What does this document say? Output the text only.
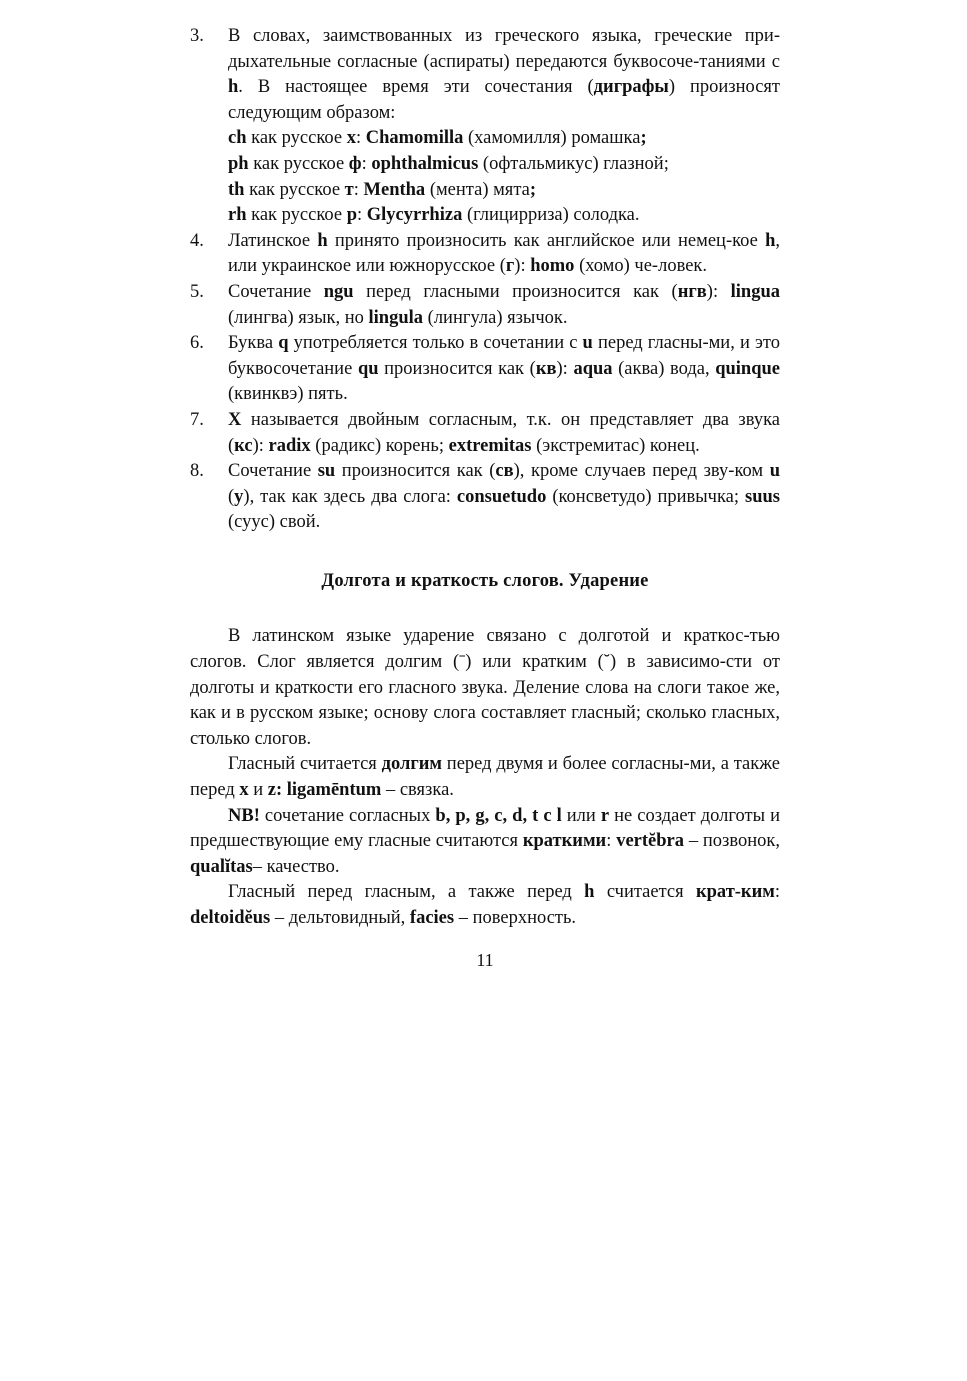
3. В словах, заимствованных из греческого языка, греческие при-дыхательные согласные (аспираты) передаются буквосоче-таниями с h. В настоящее время эти сочестания (диграфы) произносят следующим образом:

ch как русское x: Chamomilla (хамомилля) ромашка;

ph как русское ф: ophthalmicus (офтальмикус) глазной;

th как русское т: Mentha (мента) мята;

rh как русское р: Glycyrrhiza (глицирриза) солодка.

4. Латинское h принято произносить как английское или немец-кое h, или украинское или южнорусское (г): homo (хомо) че-ловек.

5. Сочетание ngu перед гласными произносится как (нгв): lingua (лингва) язык, но lingula (лингула) язычок.

6. Буква q употребляется только в сочетании с u перед гласны-ми, и это буквосочетание qu произносится как (кв): aqua (аква) вода, quinque (квинквэ) пять.

7. X называется двойным согласным, т.к. он представляет два звука (кс): radix (радикс) корень; extremitas (экстремитас) конец.

8. Сочетание su произносится как (св), кроме случаев перед зву-ком u (у), так как здесь два слога: consuetudo (консветудо) привычка; suus (суус) свой.

Долгота и краткость слогов. Ударение

В латинском языке ударение связано с долготой и краткос-тью слогов. Слог является долгим (ˉ) или кратким (˘) в зависимо-сти от долготы и краткости его гласного звука. Деление слова на слоги такое же, как и в русском языке; основу слога составляет гласный; сколько гласных, столько слогов.

Гласный считается долгим перед двумя и более согласны-ми, а также перед x и z: ligamēntum – связка.

NB! сочетание согласных b, p, g, c, d, t с l или r не создает долготы и предшествующие ему гласные считаются краткими: vertĕbra – позвонок, qualĭtas– качество.

Гласный перед гласным, а также перед h считается крат-ким: deltoidĕus – дельтовидный, facies – поверхность.

11
